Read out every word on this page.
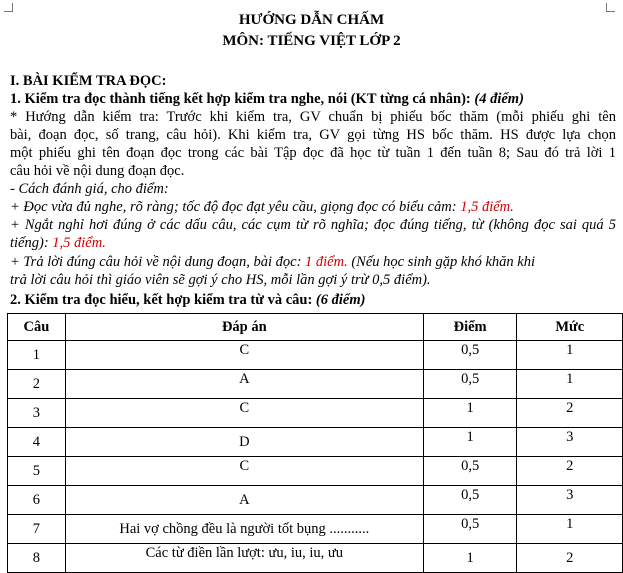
HƯỚNG DẪN CHẤM
MÔN: TIẾNG VIỆT LỚP 2
I. BÀI KIỂM TRA ĐỌC:
1. Kiểm tra đọc thành tiếng kết hợp kiểm tra nghe, nói (KT từng cá nhân): (4 điểm)
* Hướng dẫn kiểm tra: Trước khi kiểm tra, GV chuẩn bị phiếu bốc thăm (mỗi phiếu ghi tên
bài, đoạn đọc, số trang, câu hỏi). Khi kiểm tra, GV gọi từng HS bốc thăm. HS được lựa chọn
một phiếu ghi tên đoạn đọc trong các bài Tập đọc đã học từ tuần 1 đến tuần 8; Sau đó trả lời 1
câu hỏi về nội dung đoạn đọc.
- Cách đánh giá, cho điểm:
+ Đọc vừa đủ nghe, rõ ràng; tốc độ đọc đạt yêu cầu, giọng đọc có biểu cảm: 1,5 điểm.
+ Ngắt nghỉ hơi đúng ở các dấu câu, các cụm từ rõ nghĩa; đọc đúng tiếng, từ (không đọc sai quá 5
tiếng): 1,5 điểm.
+ Trả lời đúng câu hỏi về nội dung đoạn, bài đọc: 1 điểm. (Nếu học sinh gặp khó khăn khi
trả lời câu hỏi thì giáo viên sẽ gợi ý cho HS, mỗi lần gợi ý trừ 0,5 điểm).
2. Kiểm tra đọc hiểu, kết hợp kiểm tra từ và câu: (6 điểm)
Câu	Đáp án	Điểm	Mức
1	C	0,5	1
2	A	0,5	1
3	C	1	2
4	D	1	3
5	C	0,5	2
6	A	0,5	3
7	Hai vợ chồng đều là người tốt bụng ...........	0,5	1
8	Các từ điền lần lượt: ưu, iu, iu, ưu	1	2
